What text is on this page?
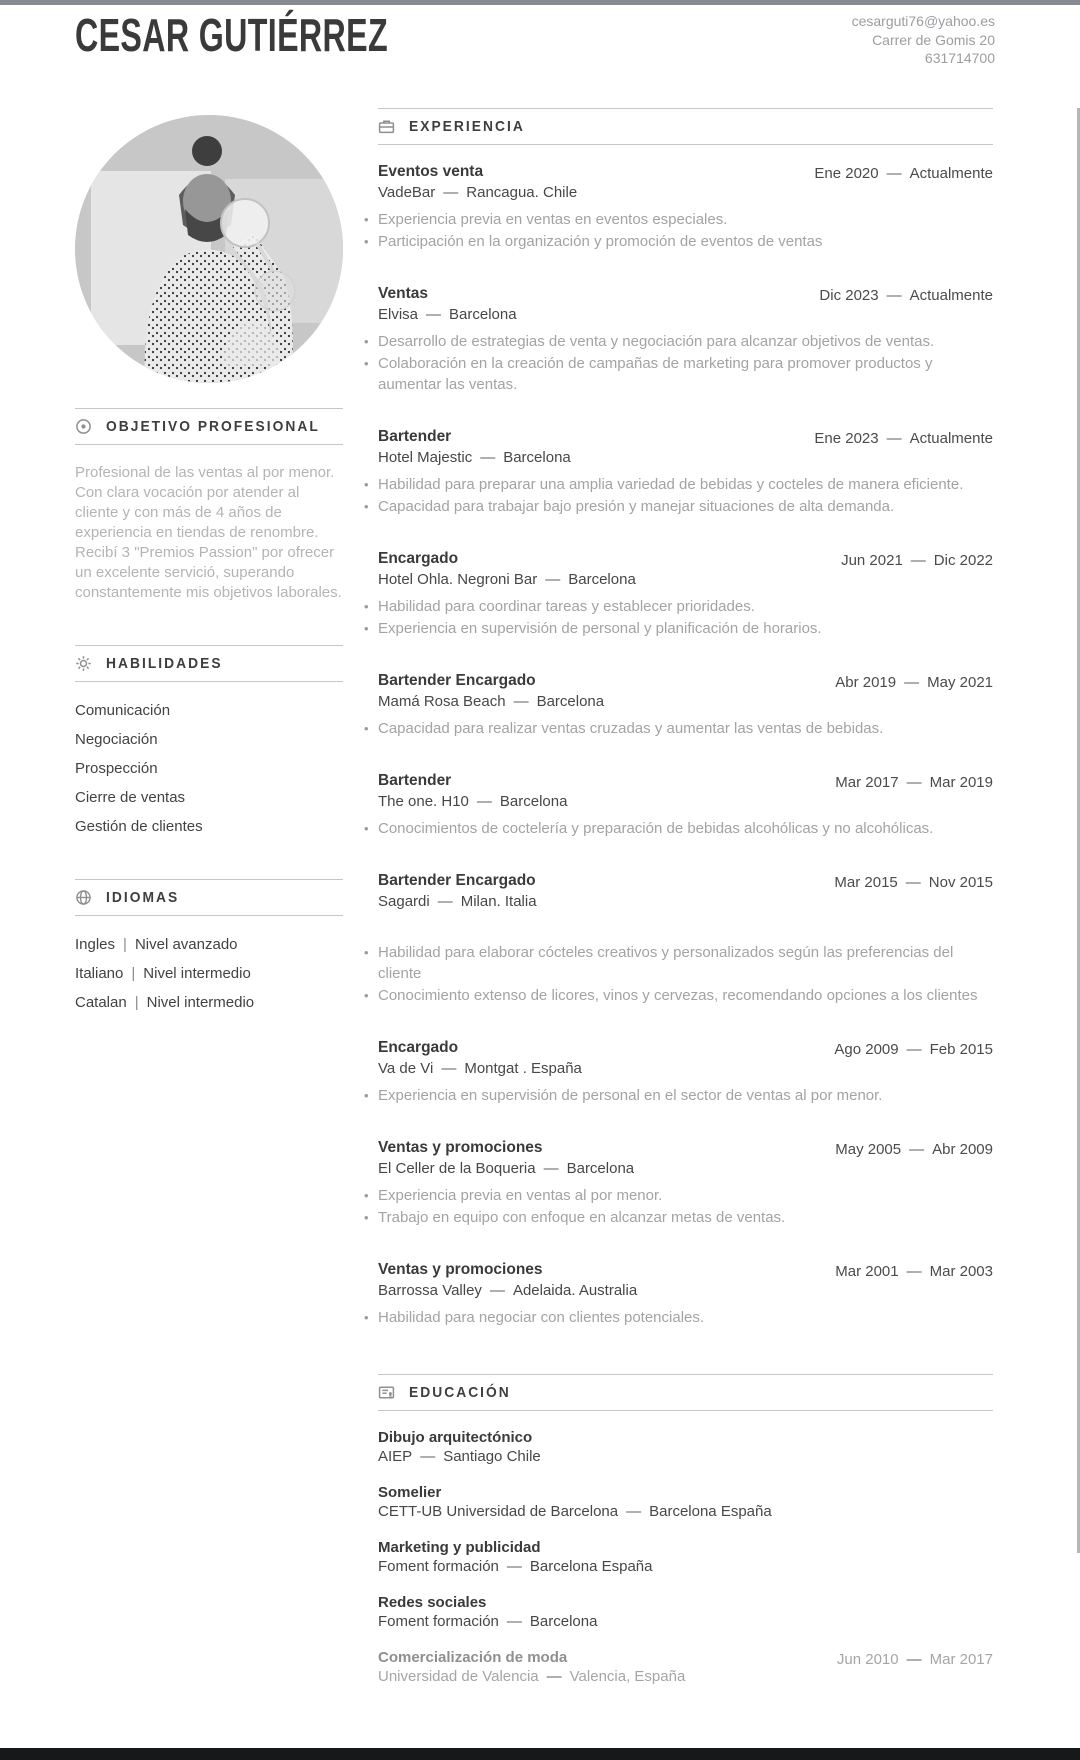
CESAR GUTIÉRREZ	cesarguti76@yahoo.es
Carrer de Gomis 20
631714700
OBJETIVO PROFESIONAL

Profesional de las ventas al por menor. Con clara vocación por atender al cliente y con más de 4 años de experiencia en tiendas de renombre. Recibí 3 "Premios Passion" por ofrecer un excelente servició, superando constantemente mis objetivos laborales.

HABILIDADES
Comunicación
Negociación
Prospección
Cierre de ventas
Gestión de clientes
IDIOMAS
Ingles | Nivel avanzado
Italiano | Nivel intermedio
Catalan | Nivel intermedio
EXPERIENCIA
Eventos venta
VadeBar — Rancagua. Chile
Ene 2020 — Actualmente
• Experiencia previa en ventas en eventos especiales.
• Participación en la organización y promoción de eventos de ventas
Ventas
Elvisa — Barcelona
Dic 2023 — Actualmente
• Desarrollo de estrategias de venta y negociación para alcanzar objetivos de ventas.
• Colaboración en la creación de campañas de marketing para promover productos y aumentar las ventas.
Bartender
Hotel Majestic — Barcelona
Ene 2023 — Actualmente
• Habilidad para preparar una amplia variedad de bebidas y cocteles de manera eficiente.
• Capacidad para trabajar bajo presión y manejar situaciones de alta demanda.
Encargado
Hotel Ohla. Negroni Bar — Barcelona
Jun 2021 — Dic 2022
• Habilidad para coordinar tareas y establecer prioridades.
• Experiencia en supervisión de personal y planificación de horarios.
Bartender Encargado
Mamá Rosa Beach — Barcelona
Abr 2019 — May 2021
• Capacidad para realizar ventas cruzadas y aumentar las ventas de bebidas.
Bartender
The one. H10 — Barcelona
Mar 2017 — Mar 2019
• Conocimientos de coctelería y preparación de bebidas alcohólicas y no alcohólicas.
Bartender Encargado
Sagardi — Milan. Italia
Mar 2015 — Nov 2015
• Habilidad para elaborar cócteles creativos y personalizados según las preferencias del cliente
• Conocimiento extenso de licores, vinos y cervezas, recomendando opciones a los clientes
Encargado
Va de Vi — Montgat . España
Ago 2009 — Feb 2015
• Experiencia en supervisión de personal en el sector de ventas al por menor.
Ventas y promociones
El Celler de la Boqueria — Barcelona
May 2005 — Abr 2009
• Experiencia previa en ventas al por menor.
• Trabajo en equipo con enfoque en alcanzar metas de ventas.
Ventas y promociones
Barrossa Valley — Adelaida. Australia
Mar 2001 — Mar 2003
• Habilidad para negociar con clientes potenciales.
EDUCACIÓN
Dibujo arquitectónico
AIEP — Santiago Chile
Somelier
CETT-UB Universidad de Barcelona — Barcelona España
Marketing y publicidad
Foment formación — Barcelona España
Redes sociales
Foment formación — Barcelona
Comercialización de moda
Universidad de Valencia — Valencia, España
Jun 2010 — Mar 2017
